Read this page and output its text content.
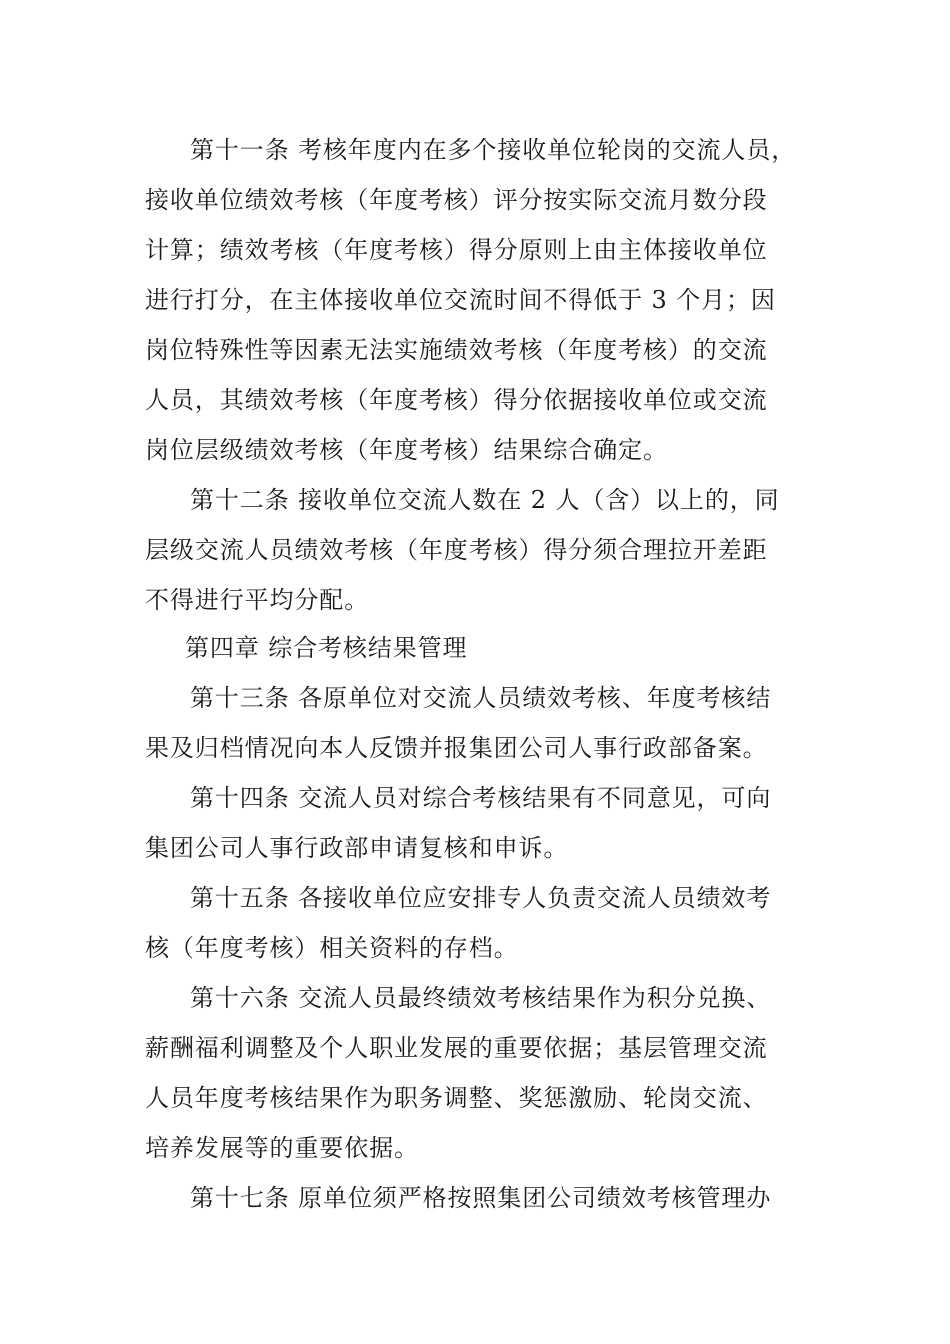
第十一条 考核年度内在多个接收单位轮岗的交流人员，
接收单位绩效考核（年度考核）评分按实际交流月数分段
计算；绩效考核（年度考核）得分原则上由主体接收单位
进行打分，在主体接收单位交流时间不得低于 3 个月；因
岗位特殊性等因素无法实施绩效考核（年度考核）的交流
人员，其绩效考核（年度考核）得分依据接收单位或交流
岗位层级绩效考核（年度考核）结果综合确定。
第十二条 接收单位交流人数在 2 人（含）以上的，同
层级交流人员绩效考核（年度考核）得分须合理拉开差距
不得进行平均分配。
第四章 综合考核结果管理
第十三条 各原单位对交流人员绩效考核、年度考核结
果及归档情况向本人反馈并报集团公司人事行政部备案。
第十四条 交流人员对综合考核结果有不同意见，可向
集团公司人事行政部申请复核和申诉。
第十五条 各接收单位应安排专人负责交流人员绩效考
核（年度考核）相关资料的存档。
第十六条 交流人员最终绩效考核结果作为积分兑换、
薪酬福利调整及个人职业发展的重要依据；基层管理交流
人员年度考核结果作为职务调整、奖惩激励、轮岗交流、
培养发展等的重要依据。
第十七条 原单位须严格按照集团公司绩效考核管理办
